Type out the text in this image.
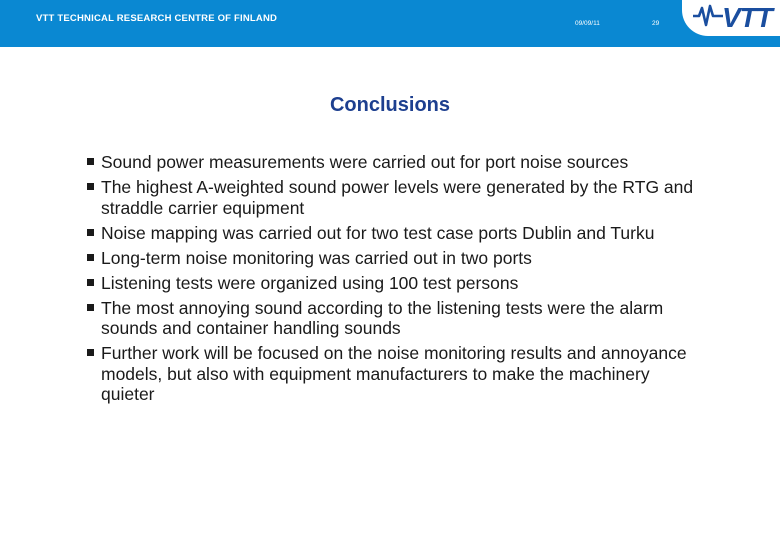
VTT TECHNICAL RESEARCH CENTRE OF FINLAND	09/09/11	29 VTT
Conclusions
Sound power measurements were carried out for port noise sources
The highest A-weighted sound power levels were generated by the RTG and straddle carrier equipment
Noise mapping was carried out for two test case ports Dublin and Turku
Long-term noise monitoring was carried out in two ports
Listening tests were organized using 100 test persons
The most annoying sound according to the listening tests were the alarm sounds and container handling sounds
Further work will be focused on the noise monitoring results and annoyance models, but also with equipment manufacturers to make the machinery quieter
